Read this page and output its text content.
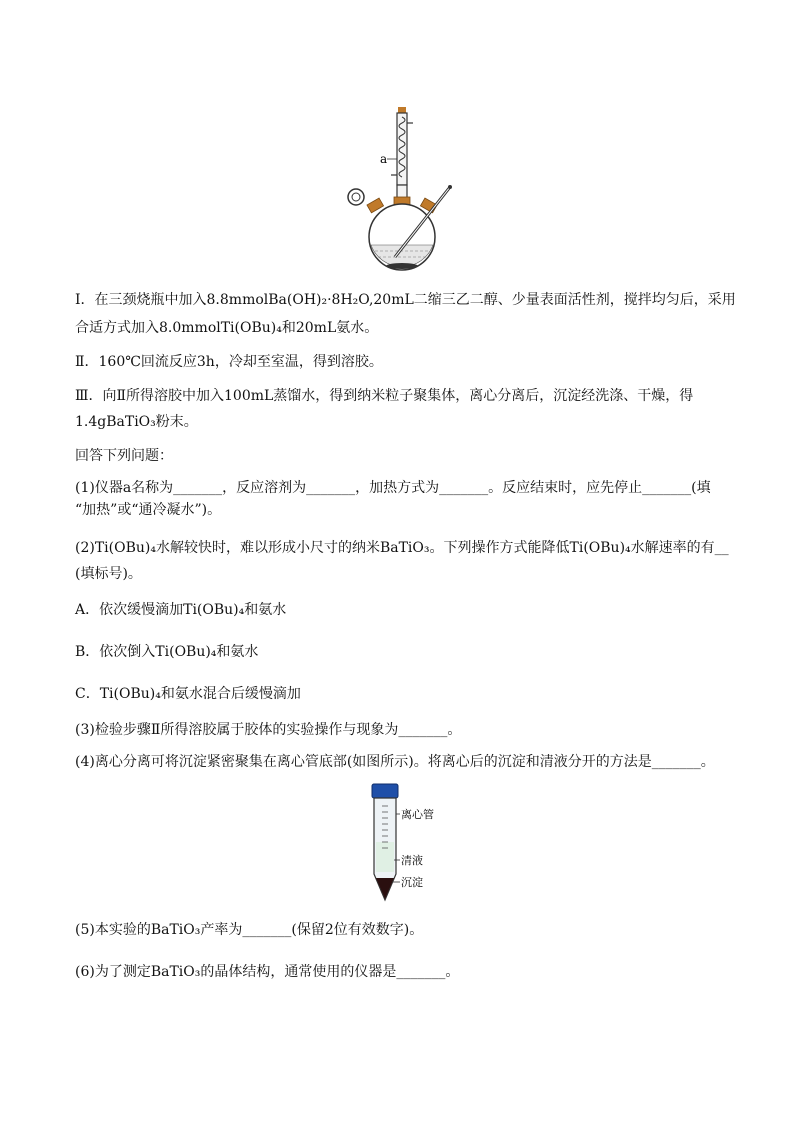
a
Ⅰ．在三颈烧瓶中加入8.8mmolBa(OH)₂·8H₂O,20mL二缩三乙二醇、少量表面活性剂，搅拌均匀后，采用
合适方式加入8.0mmolTi(OBu)₄和20mL氨水。
Ⅱ．160℃回流反应3h，冷却至室温，得到溶胶。
Ⅲ．向Ⅱ所得溶胶中加入100mL蒸馏水，得到纳米粒子聚集体，离心分离后，沉淀经洗涤、干燥，得
1.4gBaTiO₃粉末。
回答下列问题：
(1)仪器a名称为_______，反应溶剂为_______，加热方式为_______。反应结束时，应先停止_______(填
“加热”或“通冷凝水”)。
(2)Ti(OBu)₄水解较快时，难以形成小尺寸的纳米BaTiO₃。下列操作方式能降低Ti(OBu)₄水解速率的有__
(填标号)。
A．依次缓慢滴加Ti(OBu)₄和氨水
B．依次倒入Ti(OBu)₄和氨水
C．Ti(OBu)₄和氨水混合后缓慢滴加
(3)检验步骤Ⅱ所得溶胶属于胶体的实验操作与现象为_______。
(4)离心分离可将沉淀紧密聚集在离心管底部(如图所示)。将离心后的沉淀和清液分开的方法是_______。
离心管
清液
沉淀
(5)本实验的BaTiO₃产率为_______(保留2位有效数字)。
(6)为了测定BaTiO₃的晶体结构，通常使用的仪器是_______。
